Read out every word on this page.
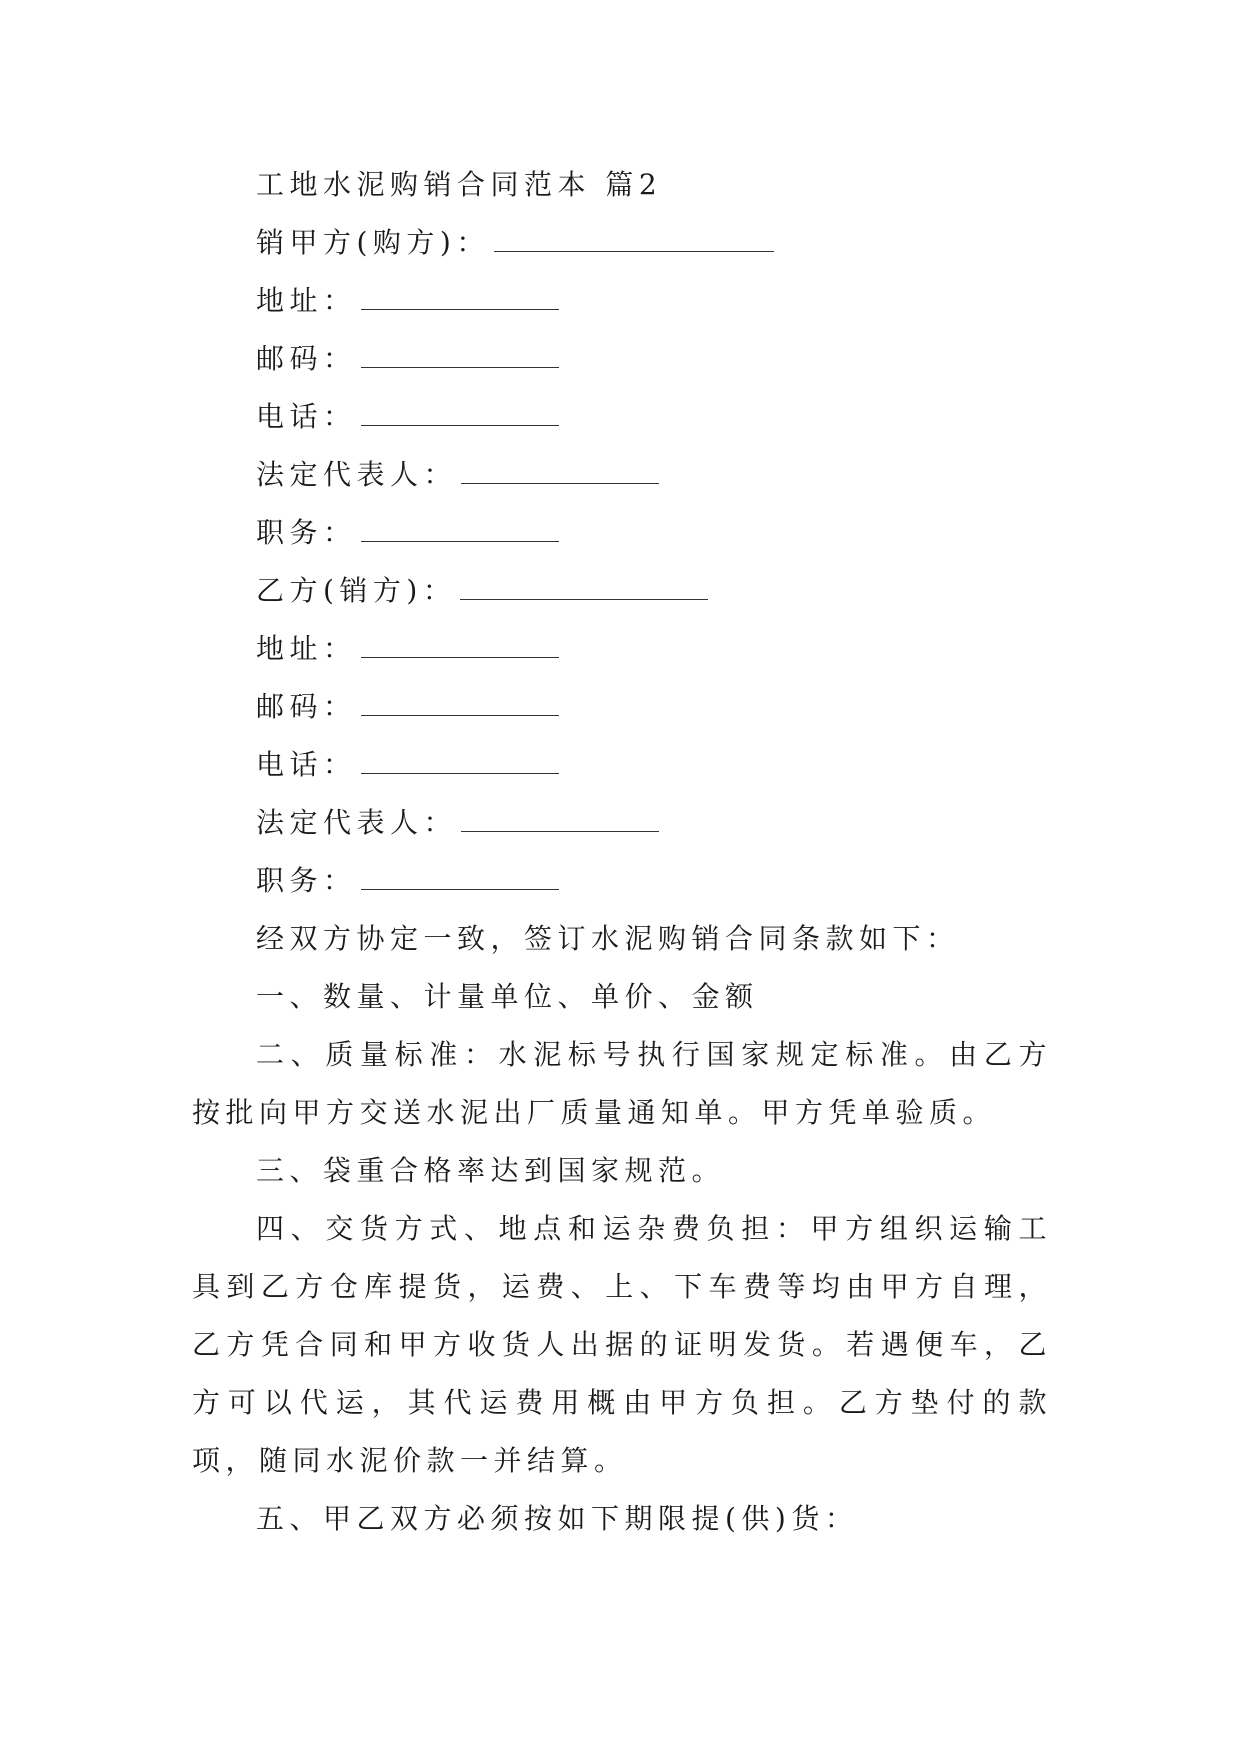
工地水泥购销合同范本 篇2
销甲方(购方)：
地址：
邮码：
电话：
法定代表人：
职务：
乙方(销方)：
地址：
邮码：
电话：
法定代表人：
职务：
经双方协定一致，签订水泥购销合同条款如下：
一、数量、计量单位、单价、金额
二、质量标准：水泥标号执行国家规定标准。由乙方按批向甲方交送水泥出厂质量通知单。甲方凭单验质。
三、袋重合格率达到国家规范。
四、交货方式、地点和运杂费负担：甲方组织运输工具到乙方仓库提货，运费、上、下车费等均由甲方自理，乙方凭合同和甲方收货人出据的证明发货。若遇便车，乙方可以代运，其代运费用概由甲方负担。乙方垫付的款项，随同水泥价款一并结算。
五、甲乙双方必须按如下期限提(供)货：
